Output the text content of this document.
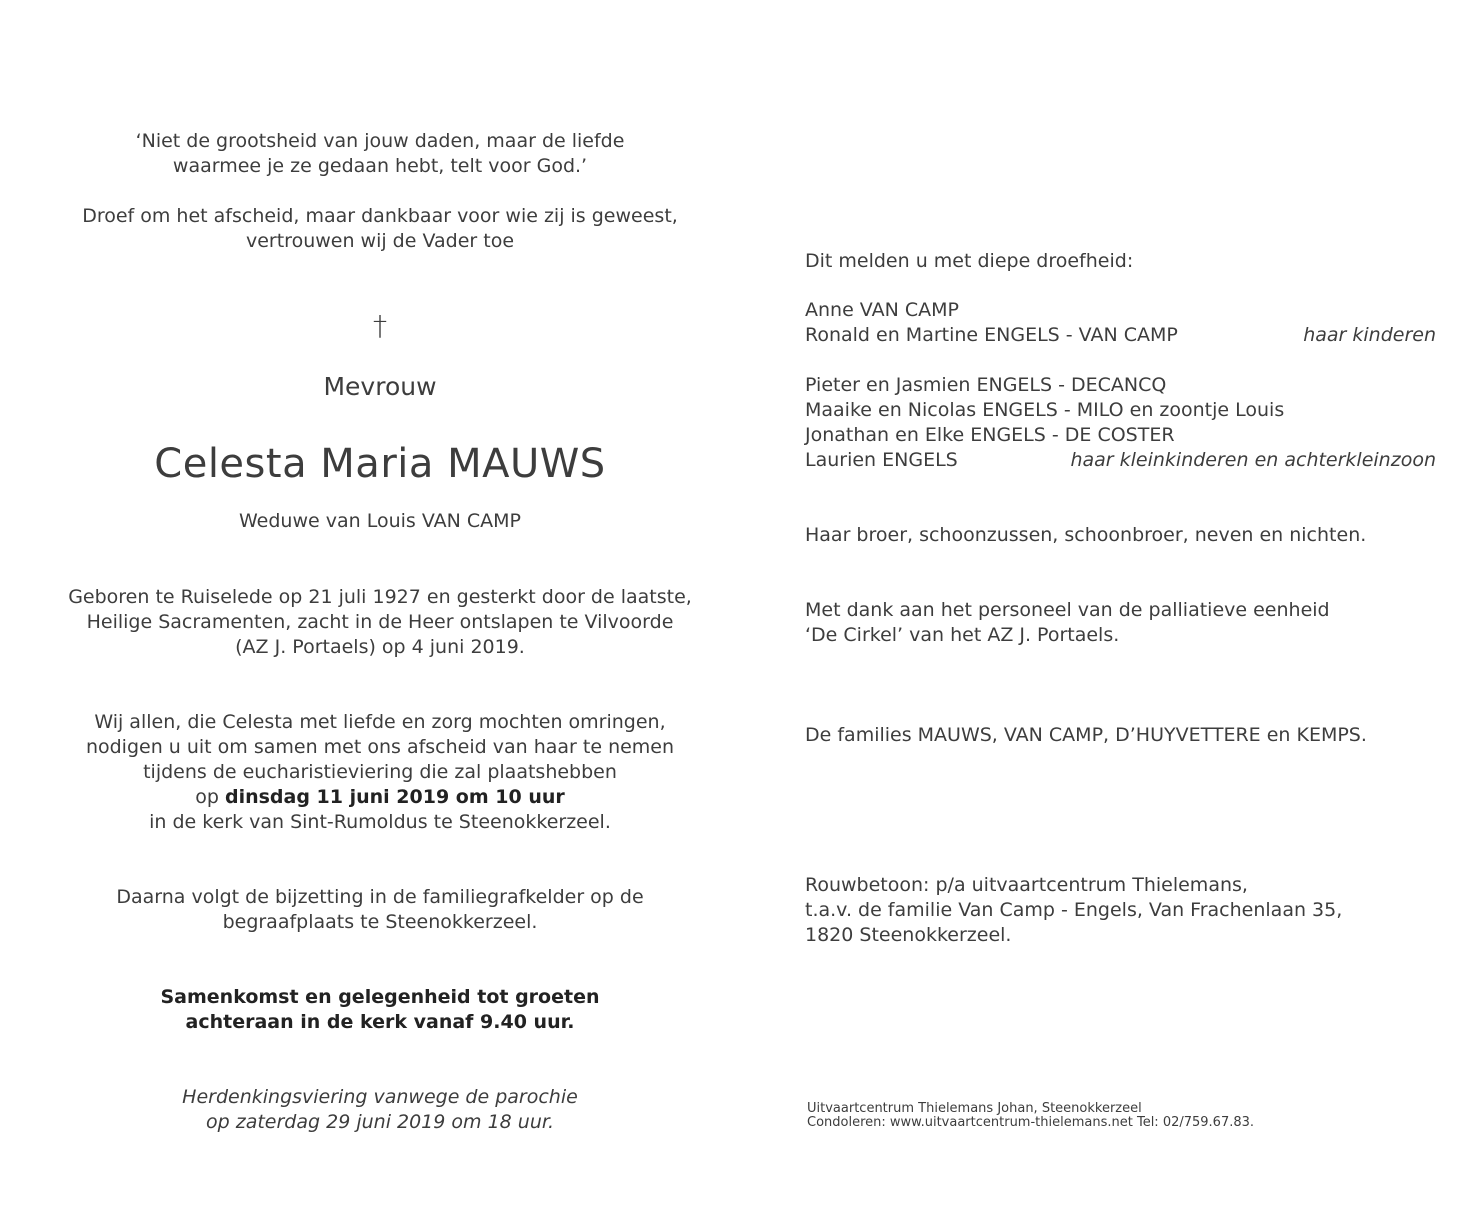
‘Niet de grootsheid van jouw daden, maar de liefde
waarmee je ze gedaan hebt, telt voor God.’
Droef om het afscheid, maar dankbaar voor wie zij is geweest,
vertrouwen wij de Vader toe
†
Mevrouw
Celesta Maria MAUWS
Weduwe van Louis VAN CAMP
Geboren te Ruiselede op 21 juli 1927 en gesterkt door de laatste,
Heilige Sacramenten, zacht in de Heer ontslapen te Vilvoorde
(AZ J. Portaels) op 4 juni 2019.
Wij allen, die Celesta met liefde en zorg mochten omringen,
nodigen u uit om samen met ons afscheid van haar te nemen
tijdens de eucharistieviering die zal plaatshebben
op dinsdag 11 juni 2019 om 10 uur
in de kerk van Sint-Rumoldus te Steenokkerzeel.
Daarna volgt de bijzetting in de familiegrafkelder op de
begraafplaats te Steenokkerzeel.
Samenkomst en gelegenheid tot groeten
achteraan in de kerk vanaf 9.40 uur.
Herdenkingsviering vanwege de parochie
op zaterdag 29 juni 2019 om 18 uur.
Dit melden u met diepe droefheid:
Anne VAN CAMP
Ronald en Martine ENGELS - VAN CAMP	haar kinderen
Pieter en Jasmien ENGELS - DECANCQ
Maaike en Nicolas ENGELS - MILO en zoontje Louis
Jonathan en Elke ENGELS - DE COSTER
Laurien ENGELS	haar kleinkinderen en achterkleinzoon
Haar broer, schoonzussen, schoonbroer, neven en nichten.
Met dank aan het personeel van de palliatieve eenheid
‘De Cirkel’ van het AZ J. Portaels.
De families MAUWS, VAN CAMP, D’HUYVETTERE en KEMPS.
Rouwbetoon: p/a uitvaartcentrum Thielemans,
t.a.v. de familie Van Camp - Engels, Van Frachenlaan 35,
1820 Steenokkerzeel.
Uitvaartcentrum Thielemans Johan, Steenokkerzeel
Condoleren: www.uitvaartcentrum-thielemans.net Tel: 02/759.67.83.
